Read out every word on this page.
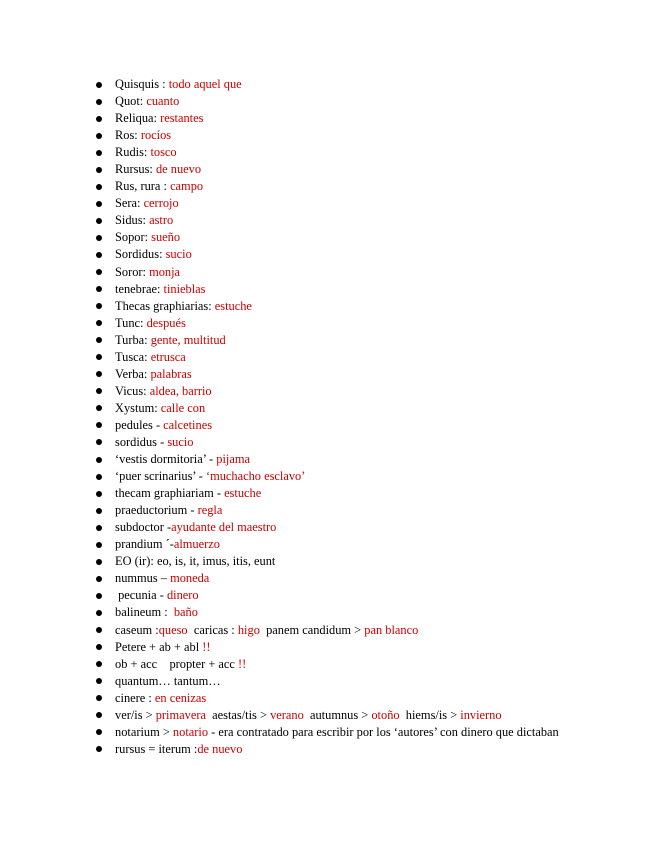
Quisquis : todo aquel que
Quot: cuanto
Reliqua: restantes
Ros: rocíos
Rudis: tosco
Rursus: de nuevo
Rus, rura : campo
Sera: cerrojo
Sidus: astro
Sopor: sueño
Sordidus: sucio
Soror: monja
tenebrae: tinieblas
Thecas graphiarias: estuche
Tunc: después
Turba: gente, multitud
Tusca: etrusca
Verba: palabras
Vicus: aldea, barrio
Xystum: calle con
pedules - calcetines
sordidus - sucio
‘vestis dormitoria’ - pijama
‘puer scrinarius’ - ‘muchacho esclavo’
thecam graphiariam - estuche
praeductorium - regla
subdoctor -ayudante del maestro
prandium ´-almuerzo
EO (ir): eo, is, it, imus, itis, eunt
nummus – moneda
pecunia - dinero
balineum :  baño
caseum :queso  caricas : higo  panem candidum > pan blanco
Petere + ab + abl !!
ob + acc    propter + acc !!
quantum… tantum…
cinere : en cenizas
ver/is > primavera  aestas/tis > verano  autumnus > otoño  hiems/is > invierno
notarium > notario - era contratado para escribir por los ‘autores’ con dinero que dictaban
rursus = iterum :de nuevo
